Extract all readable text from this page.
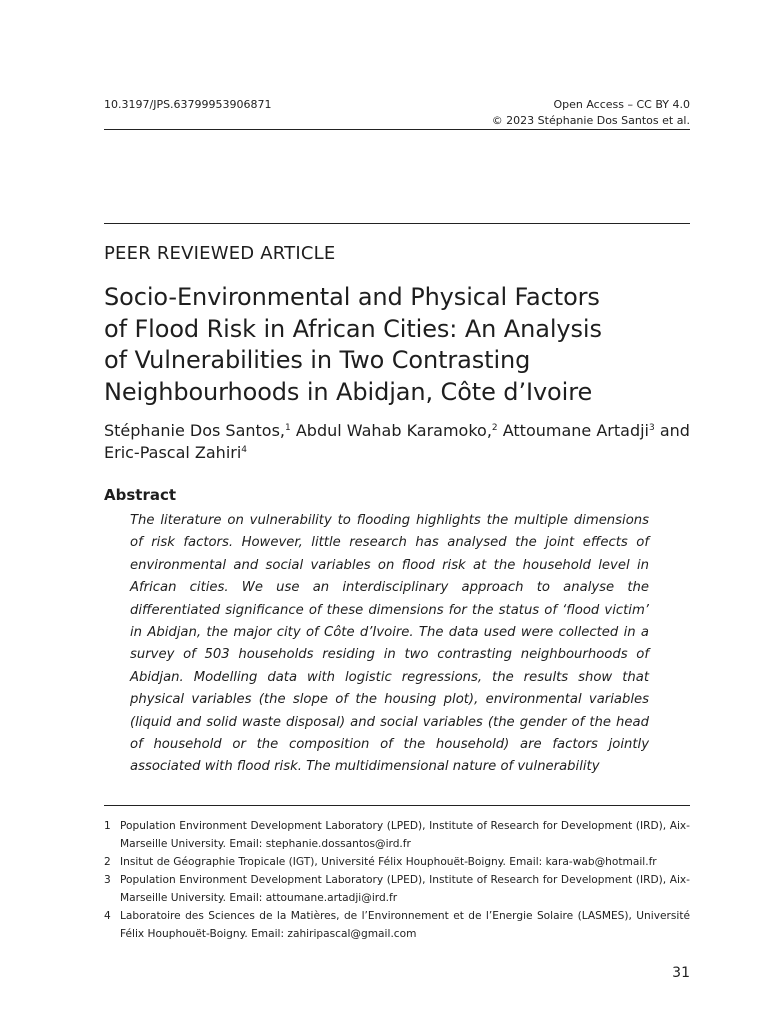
10.3197/JPS.63799953906871	Open Access – CC BY 4.0
© 2023 Stéphanie Dos Santos et al.
PEER REVIEWED ARTICLE
Socio-Environmental and Physical Factors
of Flood Risk in African Cities: An Analysis
of Vulnerabilities in Two Contrasting
Neighbourhoods in Abidjan, Côte d’Ivoire
Stéphanie Dos Santos,$^1$ Abdul Wahab Karamoko,$^2$ Attoumane Artadji$^3$ and Eric-Pascal Zahiri$^4$
Abstract
The literature on vulnerability to flooding highlights the multiple dimensions of risk factors. However, little research has analysed the joint effects of environmental and social variables on flood risk at the household level in African cities. We use an interdisciplinary approach to analyse the differentiated significance of these dimensions for the status of ‘flood victim’ in Abidjan, the major city of Côte d’Ivoire. The data used were collected in a survey of 503 households residing in two contrasting neighbourhoods of Abidjan. Modelling data with logistic regressions, the results show that physical variables (the slope of the housing plot), environmental variables (liquid and solid waste disposal) and social variables (the gender of the head of household or the composition of the household) are factors jointly associated with flood risk. The multidimensional nature of vulnerability
1 Population Environment Development Laboratory (LPED), Institute of Research for Development (IRD), Aix-Marseille University. Email: stephanie.dossantos@ird.fr
2 Insitut de Géographie Tropicale (IGT), Université Félix Houphouët-Boigny. Email: kara-wab@hotmail.fr
3 Population Environment Development Laboratory (LPED), Institute of Research for Development (IRD), Aix-Marseille University. Email: attoumane.artadji@ird.fr
4 Laboratoire des Sciences de la Matières, de l’Environnement et de l’Energie Solaire (LASMES), Université Félix Houphouët-Boigny. Email: zahiripascal@gmail.com
31
